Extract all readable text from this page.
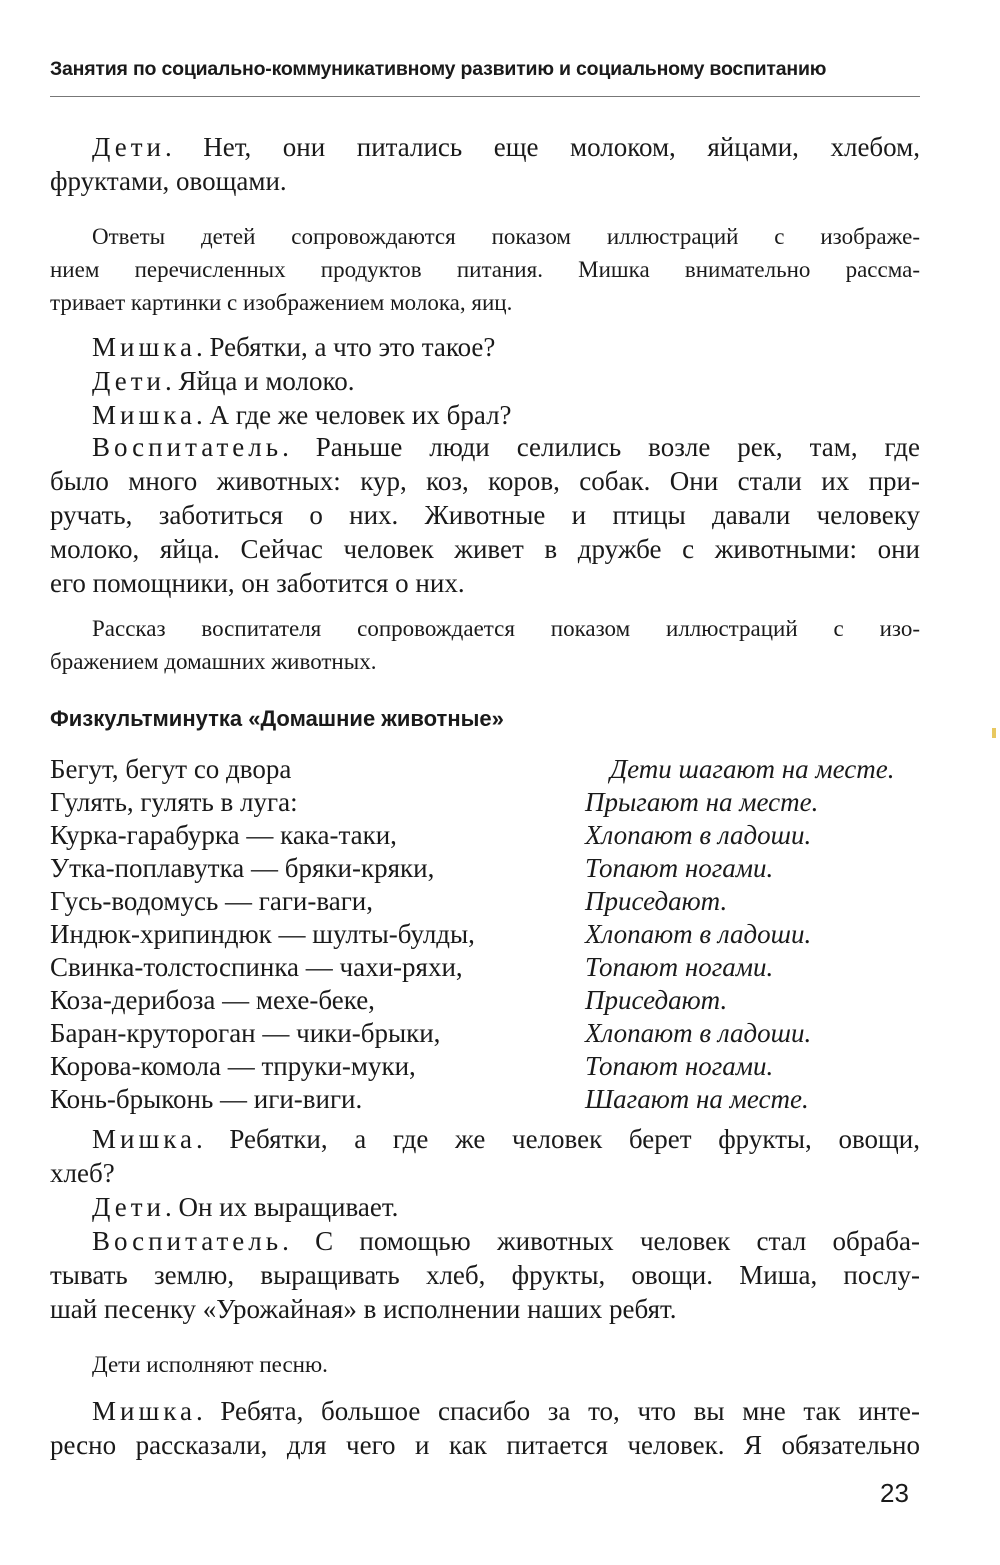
Занятия по социально-коммуникативному развитию и социальному воспитанию
Дети. Нет, они питались еще молоком, яйцами, хлебом,
фруктами, овощами.
Ответы детей сопровождаются показом иллюстраций с изображе-
нием перечисленных продуктов питания. Мишка внимательно рассма-
тривает картинки с изображением молока, яиц.
Мишка. Ребятки, а что это такое?
Дети. Яйца и молоко.
Мишка. А где же человек их брал?
Воспитатель. Раньше люди селились возле рек, там, где
было много животных: кур, коз, коров, собак. Они стали их при-
ручать, заботиться о них. Животные и птицы давали человеку
молоко, яйца. Сейчас человек живет в дружбе с животными: они
его помощники, он заботится о них.
Рассказ воспитателя сопровождается показом иллюстраций с изо-
бражением домашних животных.
Физкультминутка «Домашние животные»
Бегут, бегут со двора	Дети шагают на месте.
Гулять, гулять в луга:	Прыгают на месте.
Курка-гарабурка — кака-таки,	Хлопают в ладоши.
Утка-поплавутка — бряки-кряки,	Топают ногами.
Гусь-водомусь — гаги-ваги,	Приседают.
Индюк-хрипиндюк — шулты-булды,	Хлопают в ладоши.
Свинка-толстоспинка — чахи-ряхи,	Топают ногами.
Коза-дерибоза — мехе-беке,	Приседают.
Баран-крутороган — чики-брыки,	Хлопают в ладоши.
Корова-комола — тпруки-муки,	Топают ногами.
Конь-брыконь — иги-виги.	Шагают на месте.
Мишка. Ребятки, а где же человек берет фрукты, овощи,
хлеб?
Дети. Он их выращивает.
Воспитатель. С помощью животных человек стал обраба-
тывать землю, выращивать хлеб, фрукты, овощи. Миша, послу-
шай песенку «Урожайная» в исполнении наших ребят.
Дети исполняют песню.
Мишка. Ребята, большое спасибо за то, что вы мне так инте-
ресно рассказали, для чего и как питается человек. Я обязательно
23
